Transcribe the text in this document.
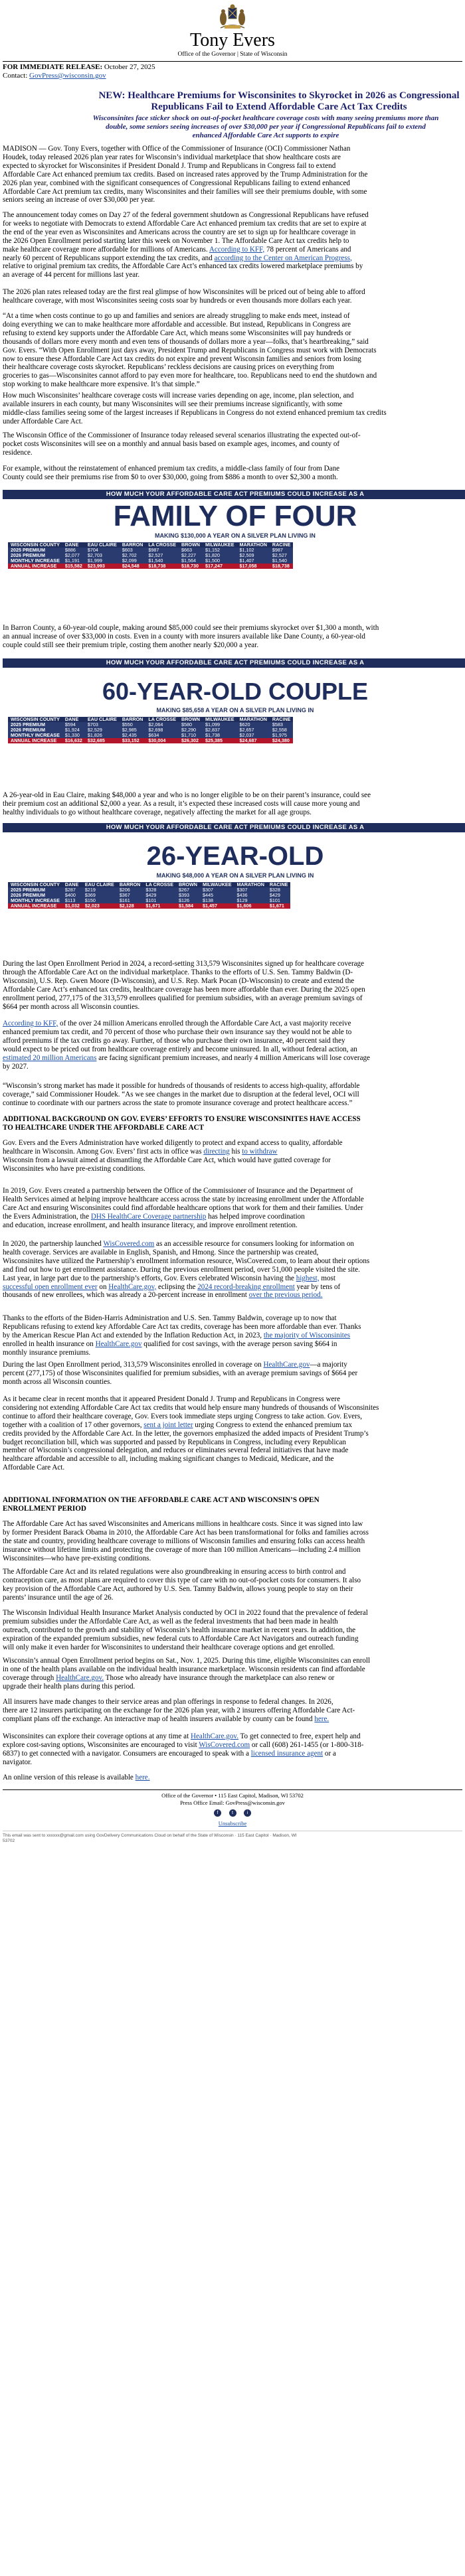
Tony Evers
Office of the Governor | State of Wisconsin
FOR IMMEDIATE RELEASE: October 27, 2025
Contact: GovPress@wisconsin.gov
NEW: Healthcare Premiums for Wisconsinites to Skyrocket in 2026 as Congressional
Republicans Fail to Extend Affordable Care Act Tax Credits
Wisconsinites face sticker shock on out-of-pocket healthcare coverage costs with many seeing premiums more than
double, some seniors seeing increases of over $30,000 per year if Congressional Republicans fail to extend
enhanced Affordable Care Act supports to expire
MADISON — Gov. Tony Evers, together with Office of the Commissioner of Insurance (OCI) Commissioner Nathan
Houdek, today released 2026 plan year rates for Wisconsin’s individual marketplace that show healthcare costs are
expected to skyrocket for Wisconsinites if President Donald J. Trump and Republicans in Congress fail to extend
Affordable Care Act enhanced premium tax credits. Based on increased rates approved by the Trump Administration for the
2026 plan year, combined with the significant consequences of Congressional Republicans failing to extend enhanced
Affordable Care Act premium tax credits, many Wisconsinites and their families will see their premiums double, with some
seniors seeing an increase of over $30,000 per year.
The announcement today comes on Day 27 of the federal government shutdown as Congressional Republicans have refused
for weeks to negotiate with Democrats to extend Affordable Care Act enhanced premium tax credits that are set to expire at
the end of the year even as Wisconsinites and Americans across the country are set to sign up for healthcare coverage in
the 2026 Open Enrollment period starting later this week on November 1. The Affordable Care Act tax credits help to
make healthcare coverage more affordable for millions of Americans. According to KFF, 78 percent of Americans and
nearly 60 percent of Republicans support extending the tax credits, and according to the Center on American Progress,
relative to original premium tax credits, the Affordable Care Act’s enhanced tax credits lowered marketplace premiums by
an average of 44 percent for millions last year.
The 2026 plan rates released today are the first real glimpse of how Wisconsinites will be priced out of being able to afford
healthcare coverage, with most Wisconsinites seeing costs soar by hundreds or even thousands more dollars each year.
“At a time when costs continue to go up and families and seniors are already struggling to make ends meet, instead of
doing everything we can to make healthcare more affordable and accessible. But instead, Republicans in Congress are
refusing to extend key supports under the Affordable Care Act, which means some Wisconsinites will pay hundreds or
thousands of dollars more every month and even tens of thousands of dollars more a year—folks, that’s heartbreaking,” said
Gov. Evers. “With Open Enrollment just days away, President Trump and Republicans in Congress must work with Democrats
now to ensure these Affordable Care Act tax credits do not expire and prevent Wisconsin families and seniors from losing
their healthcare coverage costs skyrocket. Republicans’ reckless decisions are causing prices on everything from
groceries to gas—Wisconsinites cannot afford to pay even more for healthcare, too. Republicans need to end the shutdown and
stop working to make healthcare more expensive. It’s that simple.”
How much Wisconsinites’ healthcare coverage costs will increase varies depending on age, income, plan selection, and
available insurers in each county, but many Wisconsinites will see their premiums increase significantly, with some
middle-class families seeing some of the largest increases if Republicans in Congress do not extend enhanced premium tax credits
under Affordable Care Act.
The Wisconsin Office of the Commissioner of Insurance today released several scenarios illustrating the expected out-of-
pocket costs Wisconsinites will see on a monthly and annual basis based on example ages, incomes, and county of
residence.
For example, without the reinstatement of enhanced premium tax credits, a middle-class family of four from Dane
County could see their premiums rise from $0 to over $30,000, going from $886 a month to over $2,300 a month.
HOW MUCH YOUR AFFORDABLE CARE ACT PREMIUMS COULD INCREASE AS A
FAMILY OF FOUR
MAKING $130,000 A YEAR ON A SILVER PLAN LIVING IN
WISCONSIN COUNTY	DANE	EAU CLAIRE	BARRON	LA CROSSE	BROWN	MILWAUKEE	MARATHON	RACINE
2025 PREMIUM	$886	$704	$603	$987	$663	$1,152	$1,102	$987
2026 PREMIUM	$2,077	$2,703	$2,702	$2,527	$2,227	$1,820	$2,509	$2,527
MONTHLY INCREASE	$1,191	$1,999	$2,099	$1,540	$1,564	$1,500	$1,407	$1,540
ANNUAL INCREASE	$15,582	$23,993	$24,548	$18,738	$18,730	$17,247	$17,058	$18,738
In Barron County, a 60-year-old couple, making around $85,000 could see their premiums skyrocket over $1,300 a month, with
an annual increase of over $33,000 in costs. Even in a county with more insurers available like Dane County, a 60-year-old
couple could still see their premium triple, costing them another nearly $20,000 a year.
HOW MUCH YOUR AFFORDABLE CARE ACT PREMIUMS COULD INCREASE AS A
60-YEAR-OLD COUPLE
MAKING $85,658 A YEAR ON A SILVER PLAN LIVING IN
WISCONSIN COUNTY	DANE	EAU CLAIRE	BARRON	LA CROSSE	BROWN	MILWAUKEE	MARATHON	RACINE
2025 PREMIUM	$594	$703	$550	$2,064	$580	$1,099	$620	$583
2026 PREMIUM	$1,924	$2,529	$2,985	$2,698	$2,290	$2,837	$2,657	$2,558
MONTHLY INCREASE	$1,330	$1,826	$2,435	$634	$1,710	$1,738	$2,037	$1,975
ANNUAL INCREASE	$16,632	$32,685	$33,152	$30,004	$26,302	$25,385	$24,687	$24,380
A 26-year-old in Eau Claire, making $48,000 a year and who is no longer eligible to be on their parent’s insurance, could see
their premium cost an additional $2,000 a year. As a result, it’s expected these increased costs will cause more young and
healthy individuals to go without healthcare coverage, negatively affecting the market for all age groups.
HOW MUCH YOUR AFFORDABLE CARE ACT PREMIUMS COULD INCREASE AS A
26-YEAR-OLD
MAKING $48,000 A YEAR ON A SILVER PLAN LIVING IN
WISCONSIN COUNTY	DANE	EAU CLAIRE	BARRON	LA CROSSE	BROWN	MILWAUKEE	MARATHON	RACINE
2025 PREMIUM	$287	$219	$206	$328	$267	$307	$307	$328
2026 PREMIUM	$400	$369	$367	$429	$393	$445	$436	$429
MONTHLY INCREASE	$113	$150	$161	$101	$126	$138	$129	$101
ANNUAL INCREASE	$1,032	$2,023	$2,128	$1,671	$1,584	$1,457	$1,606	$1,671
During the last Open Enrollment Period in 2024, a record-setting 313,579 Wisconsinites signed up for healthcare coverage
through the Affordable Care Act on the individual marketplace. Thanks to the efforts of U.S. Sen. Tammy Baldwin (D-
Wisconsin), U.S. Rep. Gwen Moore (D-Wisconsin), and U.S. Rep. Mark Pocan (D-Wisconsin) to create and extend the
Affordable Care Act’s enhanced tax credits, healthcare coverage has been more affordable than ever. During the 2025 open
enrollment period, 277,175 of the 313,579 enrollees qualified for premium subsidies, with an average premium savings of
$664 per month across all Wisconsin counties.
According to KFF, of the over 24 million Americans enrolled through the Affordable Care Act, a vast majority receive
enhanced premium tax credit, and 70 percent of those who purchase their own insurance say they would not be able to
afford premiums if the tax credits go away. Further, of those who purchase their own insurance, 40 percent said they
would expect to be priced out from healthcare coverage entirely and become uninsured. In all, without federal action, an
estimated 20 million Americans are facing significant premium increases, and nearly 4 million Americans will lose coverage
by 2027.
“Wisconsin’s strong market has made it possible for hundreds of thousands of residents to access high-quality, affordable
coverage,” said Commissioner Houdek. “As we see changes in the market due to disruption at the federal level, OCI will
continue to coordinate with our partners across the state to promote insurance coverage and protect healthcare access.”
ADDITIONAL BACKGROUND ON GOV. EVERS’ EFFORTS TO ENSURE WISCONSINITES HAVE ACCESS
TO HEALTHCARE UNDER THE AFFORDABLE CARE ACT
Gov. Evers and the Evers Administration have worked diligently to protect and expand access to quality, affordable
healthcare in Wisconsin. Among Gov. Evers’ first acts in office was directing his to withdraw
Wisconsin from a lawsuit aimed at dismantling the Affordable Care Act, which would have gutted coverage for
Wisconsinites who have pre-existing conditions.
In 2019, Gov. Evers created a partnership between the Office of the Commissioner of Insurance and the Department of
Health Services aimed at helping improve healthcare access across the state by increasing enrollment under the Affordable
Care Act and ensuring Wisconsinites could find affordable healthcare options that work for them and their families. Under
the Evers Administration, the DHS HealthCare Coverage partnership has helped improve coordination
and education, increase enrollment, and health insurance literacy, and improve enrollment retention.
In 2020, the partnership launched WisCovered.com as an accessible resource for consumers looking for information on
health coverage. Services are available in English, Spanish, and Hmong. Since the partnership was created,
Wisconsinites have utilized the Partnership’s enrollment information resource, WisCovered.com, to learn about their options
and find out how to get enrollment assistance. During the previous enrollment period, over 51,000 people visited the site.
Last year, in large part due to the partnership’s efforts, Gov. Evers celebrated Wisconsin having the highest, most
successful open enrollment ever on HealthCare.gov, eclipsing the 2024 record-breaking enrollment year by tens of
thousands of new enrollees, which was already a 20-percent increase in enrollment over the previous period.
Thanks to the efforts of the Biden-Harris Administration and U.S. Sen. Tammy Baldwin, coverage up to now that
Republicans refusing to extend key Affordable Care Act tax credits, coverage has been more affordable than ever. Thanks
by the American Rescue Plan Act and extended by the Inflation Reduction Act, in 2023, the majority of Wisconsinites
enrolled in health insurance on HealthCare.gov qualified for cost savings, with the average person saving $664 in
monthly insurance premiums.
During the last Open Enrollment period, 313,579 Wisconsinites enrolled in coverage on HealthCare.gov—a majority
percent (277,175) of those Wisconsinites qualified for premium subsidies, with an average premium savings of $664 per
month across all Wisconsin counties.
As it became clear in recent months that it appeared President Donald J. Trump and Republicans in Congress were
considering not extending Affordable Care Act tax credits that would help ensure many hundreds of thousands of Wisconsinites
continue to afford their healthcare coverage, Gov. Evers took immediate steps urging Congress to take action. Gov. Evers,
together with a coalition of 17 other governors, sent a joint letter urging Congress to extend the enhanced premium tax
credits provided by the Affordable Care Act. In the letter, the governors emphasized the added impacts of President Trump’s
budget reconciliation bill, which was supported and passed by Republicans in Congress, including every Republican
member of Wisconsin’s congressional delegation, and reduces or eliminates several federal initiatives that have made
healthcare affordable and accessible to all, including making significant changes to Medicaid, Medicare, and the
Affordable Care Act.
ADDITIONAL INFORMATION ON THE AFFORDABLE CARE ACT AND WISCONSIN’S OPEN
ENROLLMENT PERIOD
The Affordable Care Act has saved Wisconsinites and Americans millions in healthcare costs. Since it was signed into law
by former President Barack Obama in 2010, the Affordable Care Act has been transformational for folks and families across
the state and country, providing healthcare coverage to millions of Wisconsin families and ensuring folks can access health
insurance without lifetime limits and protecting the coverage of more than 100 million Americans—including 2.4 million
Wisconsinites—who have pre-existing conditions.
The Affordable Care Act and its related regulations were also groundbreaking in ensuring access to birth control and
contraception care, as most plans are required to cover this type of care with no out-of-pocket costs for consumers. It also
key provision of the Affordable Care Act, authored by U.S. Sen. Tammy Baldwin, allows young people to stay on their
parents’ insurance until the age of 26.
The Wisconsin Individual Health Insurance Market Analysis conducted by OCI in 2022 found that the prevalence of federal
premium subsidies under the Affordable Care Act, as well as the federal investments that had been made in health
outreach, contributed to the growth and stability of Wisconsin’s health insurance market in recent years. In addition, the
expiration of the expanded premium subsidies, new federal cuts to Affordable Care Act Navigators and outreach funding
will only make it even harder for Wisconsinites to understand their healthcare coverage options and get enrolled.
Wisconsin’s annual Open Enrollment period begins on Sat., Nov. 1, 2025. During this time, eligible Wisconsinites can enroll
in one of the health plans available on the individual health insurance marketplace. Wisconsin residents can find affordable
coverage through HealthCare.gov. Those who already have insurance through the marketplace can also renew or
upgrade their health plans during this period.
All insurers have made changes to their service areas and plan offerings in response to federal changes. In 2026,
there are 12 insurers participating on the exchange for the 2026 plan year, with 2 insurers offering Affordable Care Act-
compliant plans off the exchange. An interactive map of health insurers available by county can be found here.
Wisconsinites can explore their coverage options at any time at HealthCare.gov. To get connected to free, expert help and
explore cost-saving options, Wisconsinites are encouraged to visit WisCovered.com or call (608) 261-1455 (or 1-800-318-
6837) to get connected with a navigator. Consumers are encouraged to speak with a licensed insurance agent or a
navigator.
An online version of this release is available here.
Office of the Governor • 115 East Capitol, Madison, WI 53702
Press Office Email: GovPress@wisconsin.gov
f	t	i
Unsubscribe
This email was sent to xxxxxx@gmail.com using GovDelivery Communications Cloud on behalf of the State of Wisconsin · 115 East Capitol · Madison, WI
53702
